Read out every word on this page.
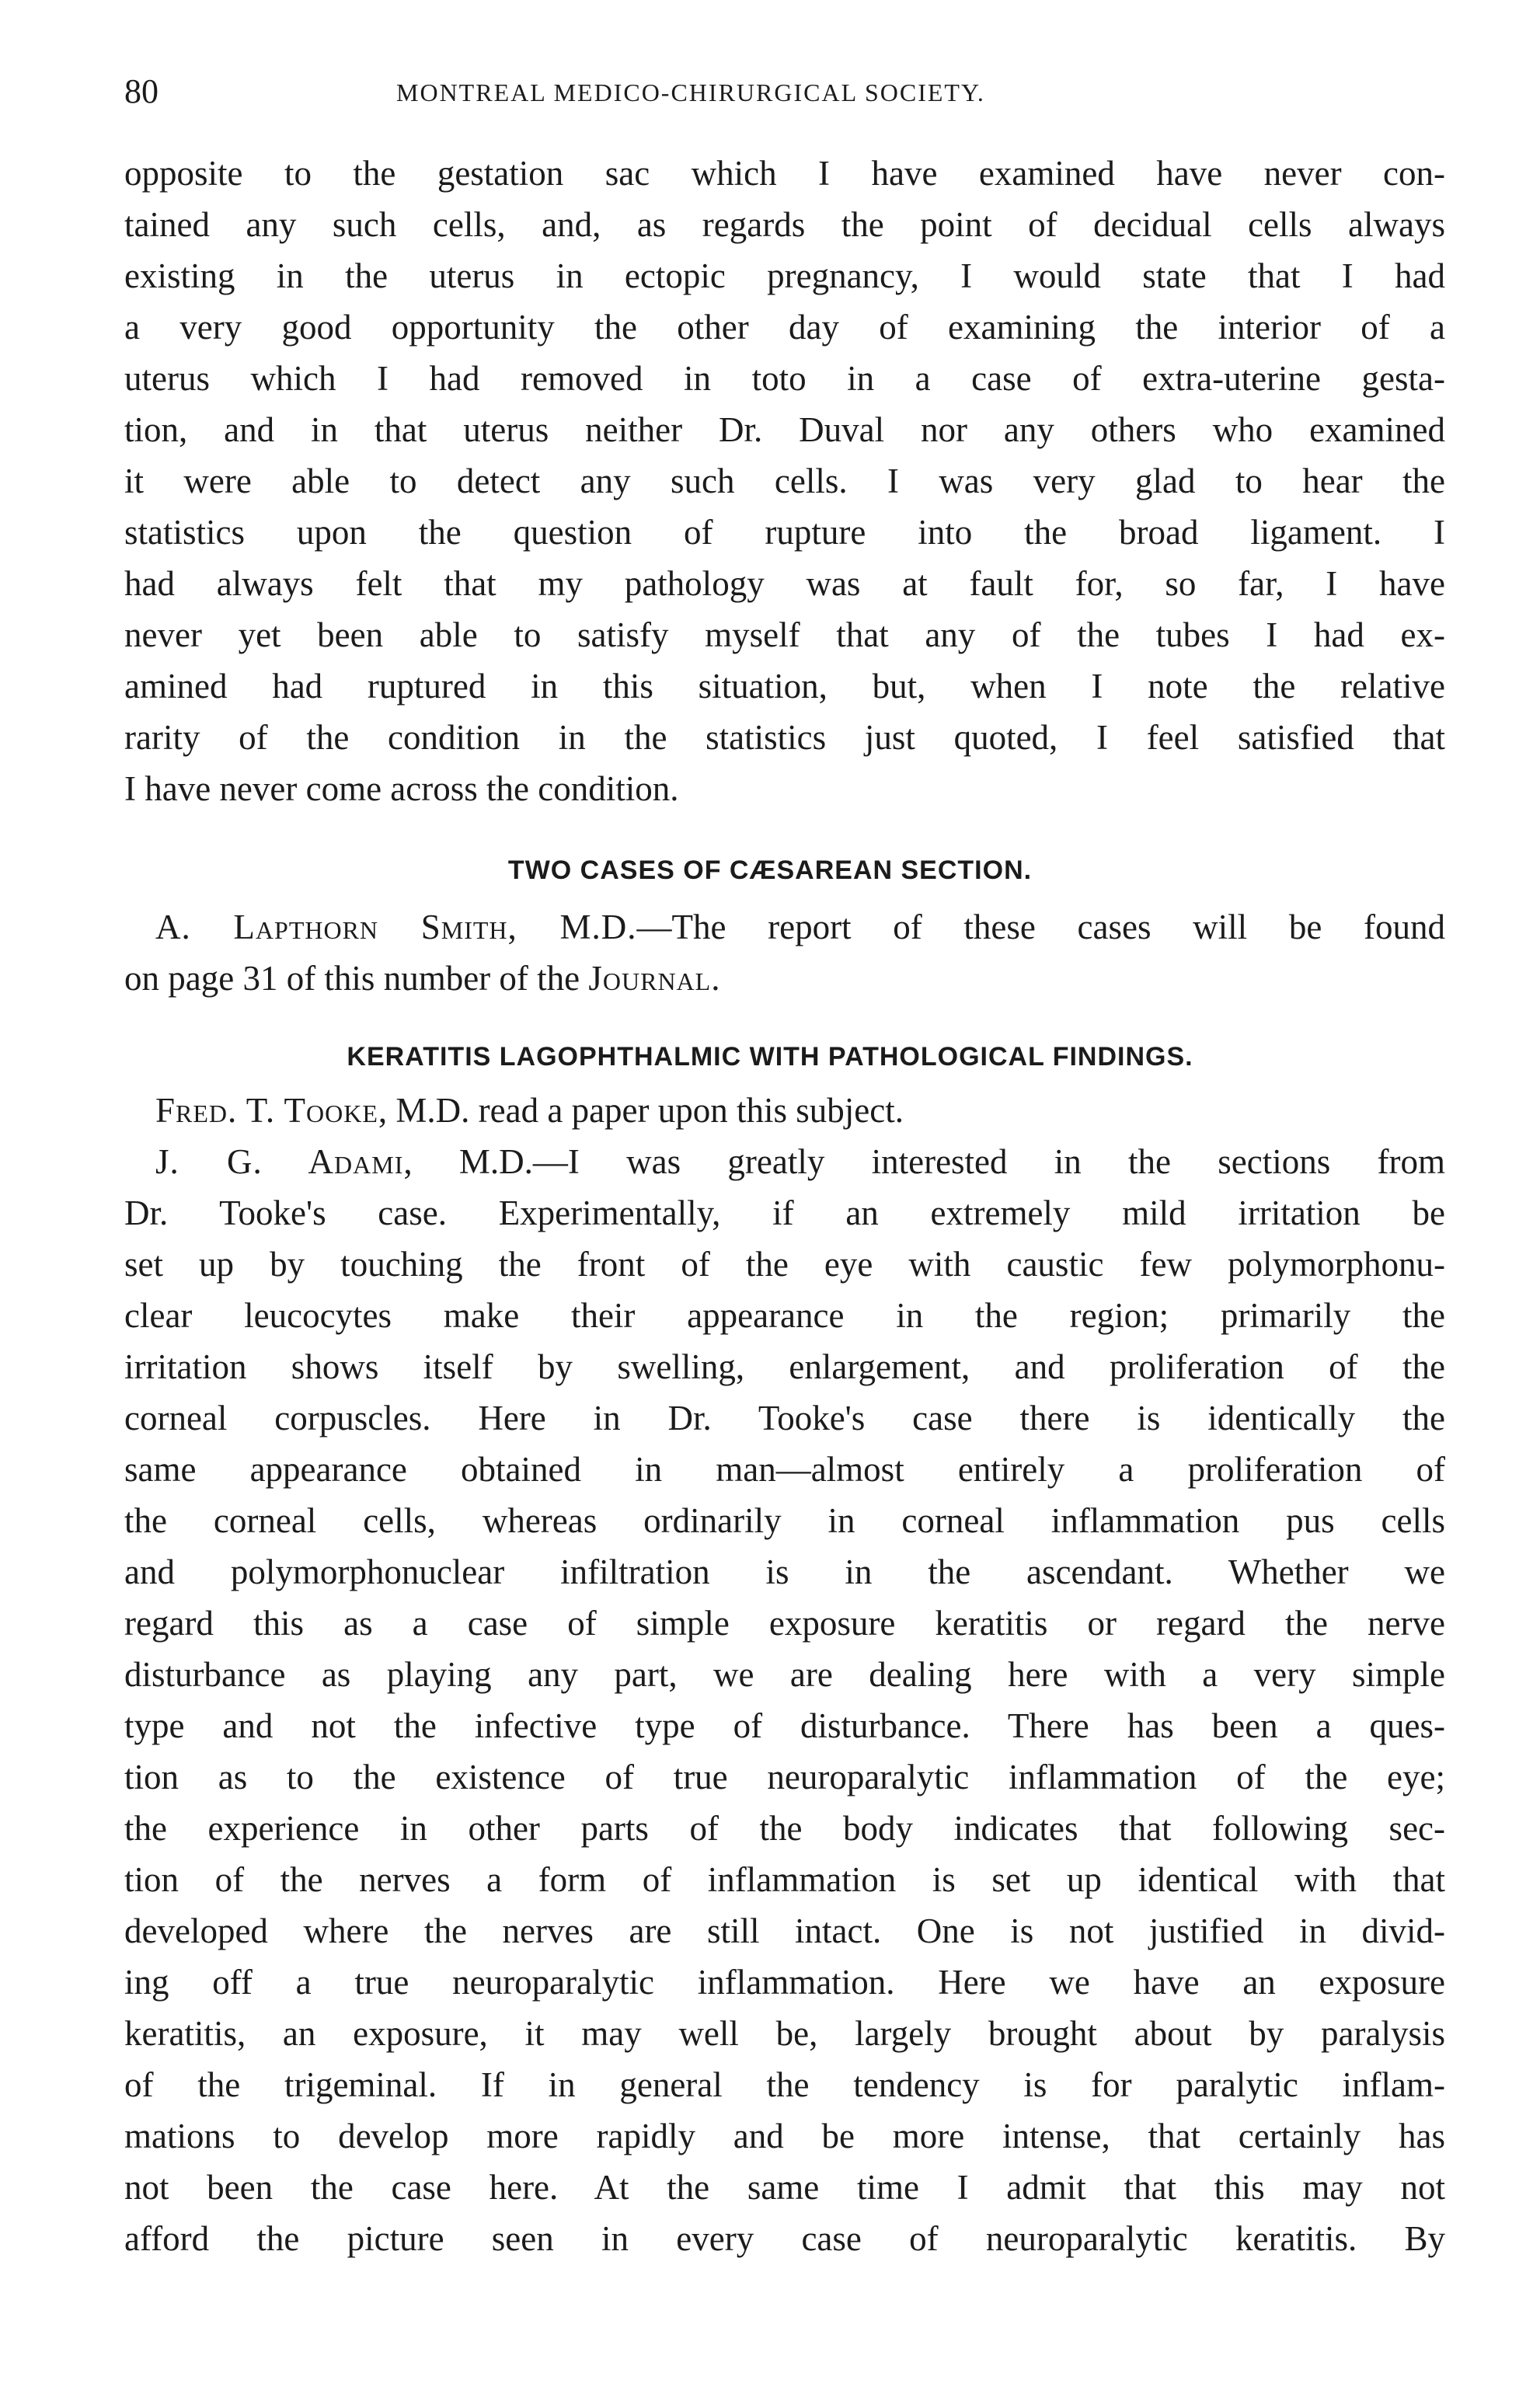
80	MONTREAL MEDICO-CHIRURGICAL SOCIETY.
opposite to the gestation sac which I have examined have never con-
tained any such cells, and, as regards the point of decidual cells always
existing in the uterus in ectopic pregnancy, I would state that I had
a very good opportunity the other day of examining the interior of a
uterus which I had removed in toto in a case of extra-uterine gesta-
tion, and in that uterus neither Dr. Duval nor any others who examined
it were able to detect any such cells. I was very glad to hear the
statistics upon the question of rupture into the broad ligament. I
had always felt that my pathology was at fault for, so far, I have
never yet been able to satisfy myself that any of the tubes I had ex-
amined had ruptured in this situation, but, when I note the relative
rarity of the condition in the statistics just quoted, I feel satisfied that
I have never come across the condition.
TWO CASES OF CÆSAREAN SECTION.
A. Lapthorn Smith, M.D.—The report of these cases will be found
on page 31 of this number of the Journal.
KERATITIS LAGOPHTHALMIC WITH PATHOLOGICAL FINDINGS.
Fred. T. Tooke, M.D. read a paper upon this subject.
J. G. Adami, M.D.—I was greatly interested in the sections from
Dr. Tooke's case. Experimentally, if an extremely mild irritation be
set up by touching the front of the eye with caustic few polymorphonu-
clear leucocytes make their appearance in the region; primarily the
irritation shows itself by swelling, enlargement, and proliferation of the
corneal corpuscles. Here in Dr. Tooke's case there is identically the
same appearance obtained in man—almost entirely a proliferation of
the corneal cells, whereas ordinarily in corneal inflammation pus cells
and polymorphonuclear infiltration is in the ascendant. Whether we
regard this as a case of simple exposure keratitis or regard the nerve
disturbance as playing any part, we are dealing here with a very simple
type and not the infective type of disturbance. There has been a ques-
tion as to the existence of true neuroparalytic inflammation of the eye;
the experience in other parts of the body indicates that following sec-
tion of the nerves a form of inflammation is set up identical with that
developed where the nerves are still intact. One is not justified in divid-
ing off a true neuroparalytic inflammation. Here we have an exposure
keratitis, an exposure, it may well be, largely brought about by paralysis
of the trigeminal. If in general the tendency is for paralytic inflam-
mations to develop more rapidly and be more intense, that certainly has
not been the case here. At the same time I admit that this may not
afford the picture seen in every case of neuroparalytic keratitis. By
